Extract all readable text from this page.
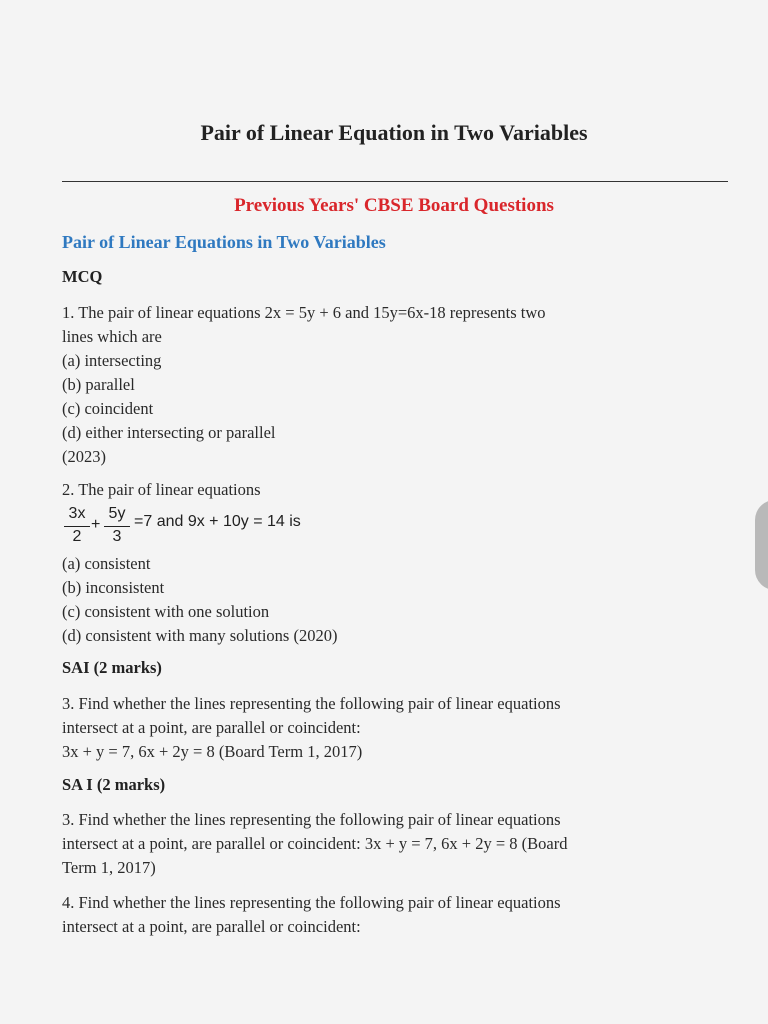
Pair of Linear Equation in Two Variables
Previous Years' CBSE Board Questions
Pair of Linear Equations in Two Variables
MCQ
1. The pair of linear equations 2x = 5y + 6 and 15y=6x-18 represents two
lines which are
(a) intersecting
(b) parallel
(c) coincident
(d) either intersecting or parallel
(2023)
2. The pair of linear equations
3x
2
+
5y
3
=7 and 9x + 10y = 14 is
(a) consistent
(b) inconsistent
(c) consistent with one solution
(d) consistent with many solutions (2020)
SAI (2 marks)
3. Find whether the lines representing the following pair of linear equations
intersect at a point, are parallel or coincident:
3x + y = 7, 6x + 2y = 8 (Board Term 1, 2017)
SA I (2 marks)
3. Find whether the lines representing the following pair of linear equations
intersect at a point, are parallel or coincident: 3x + y = 7, 6x + 2y = 8 (Board
Term 1, 2017)
4. Find whether the lines representing the following pair of linear equations
intersect at a point, are parallel or coincident:
